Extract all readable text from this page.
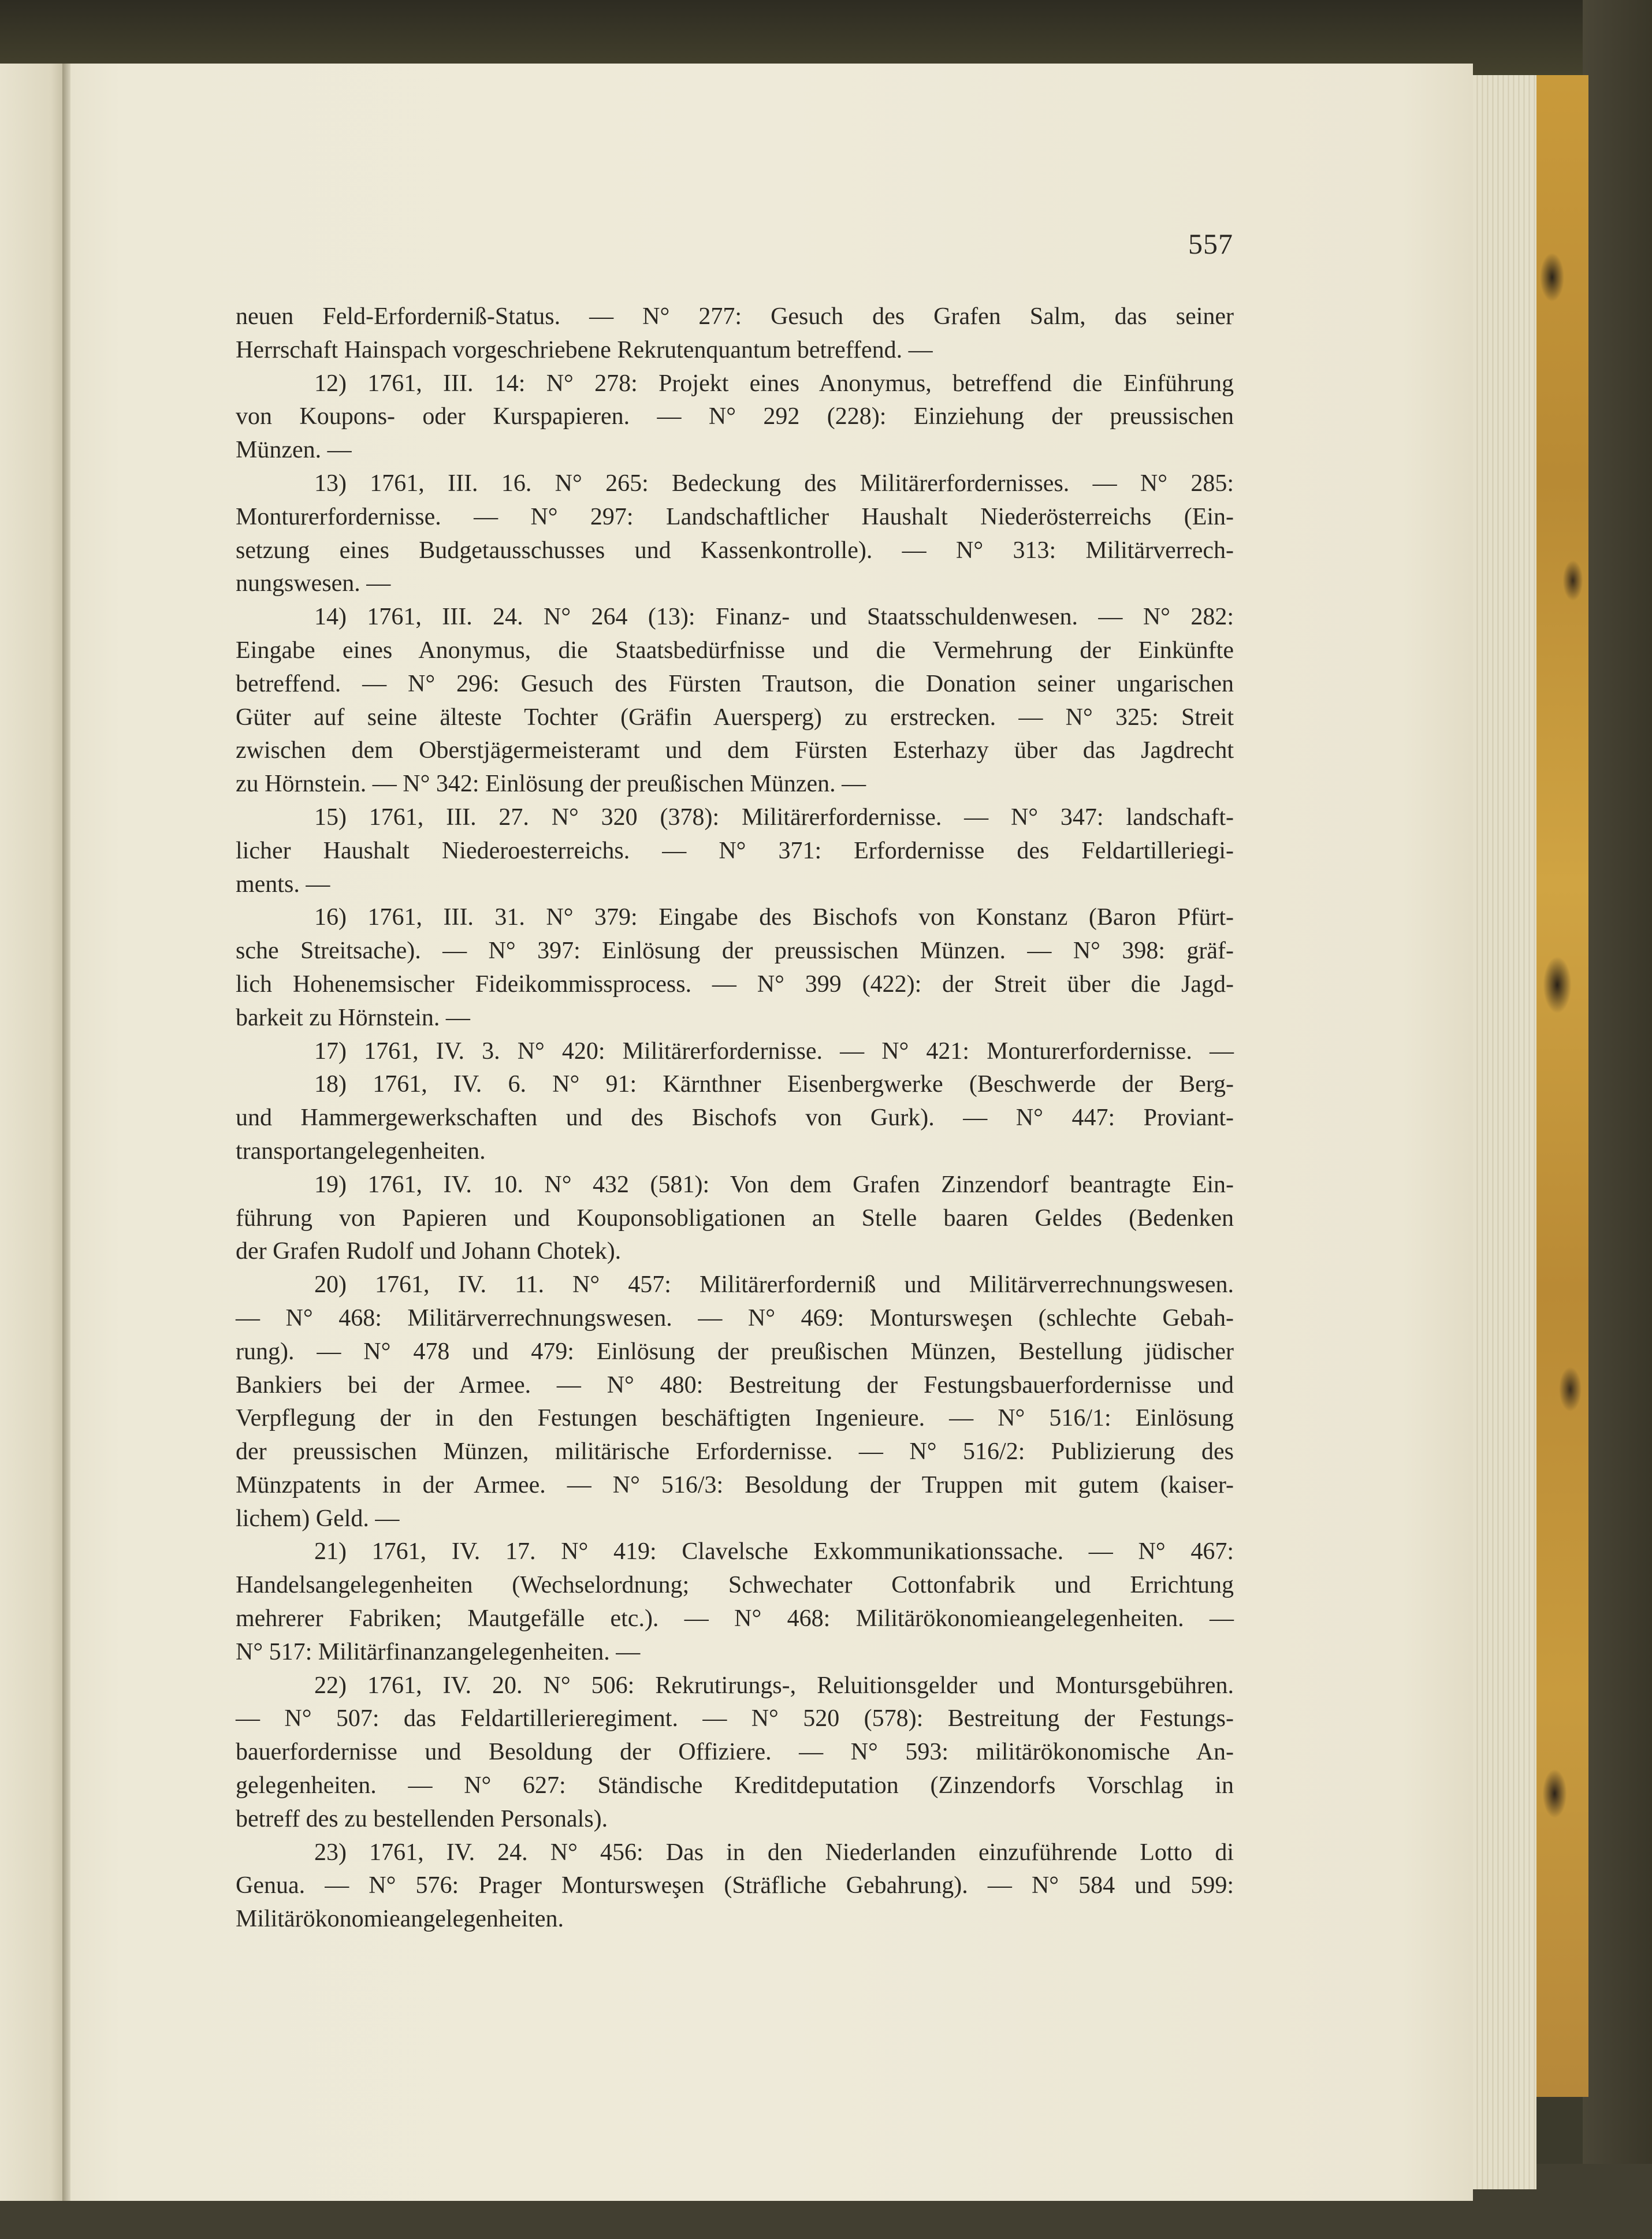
557
neuen Feld-Erforderniß-Status. — N° 277: Gesuch des Grafen Salm, das seiner
Herrschaft Hainspach vorgeschriebene Rekrutenquantum betreffend. —
12) 1761, III. 14: N° 278: Projekt eines Anonymus, betreffend die Einführung
von Koupons- oder Kurspapieren. — N° 292 (228): Einziehung der preussischen
Münzen. —
13) 1761, III. 16. N° 265: Bedeckung des Militärerfordernisses. — N° 285:
Monturerfordernisse. — N° 297: Landschaftlicher Haushalt Niederösterreichs (Ein-
setzung eines Budgetausschusses und Kassenkontrolle). — N° 313: Militärverrech-
nungswesen. —
14) 1761, III. 24. N° 264 (13): Finanz- und Staatsschuldenwesen. — N° 282:
Eingabe eines Anonymus, die Staatsbedürfnisse und die Vermehrung der Einkünfte
betreffend. — N° 296: Gesuch des Fürsten Trautson, die Donation seiner ungarischen
Güter auf seine älteste Tochter (Gräfin Auersperg) zu erstrecken. — N° 325: Streit
zwischen dem Oberstjägermeisteramt und dem Fürsten Esterhazy über das Jagdrecht
zu Hörnstein. — N° 342: Einlösung der preußischen Münzen. —
15) 1761, III. 27. N° 320 (378): Militärerfordernisse. — N° 347: landschaft-
licher Haushalt Niederoesterreichs. — N° 371: Erfordernisse des Feldartilleriegi-
ments. —
16) 1761, III. 31. N° 379: Eingabe des Bischofs von Konstanz (Baron Pfürt-
sche Streitsache). — N° 397: Einlösung der preussischen Münzen. — N° 398: gräf-
lich Hohenemsischer Fideikommissprocess. — N° 399 (422): der Streit über die Jagd-
barkeit zu Hörnstein. —
17) 1761, IV. 3. N° 420: Militärerfordernisse. — N° 421: Monturerfordernisse. —
18) 1761, IV. 6. N° 91: Kärnthner Eisenbergwerke (Beschwerde der Berg-
und Hammergewerkschaften und des Bischofs von Gurk). — N° 447: Proviant-
transportangelegenheiten.
19) 1761, IV. 10. N° 432 (581): Von dem Grafen Zinzendorf beantragte Ein-
führung von Papieren und Kouponsobligationen an Stelle baaren Geldes (Bedenken
der Grafen Rudolf und Johann Chotek).
20) 1761, IV. 11. N° 457: Militärerforderniß und Militärverrechnungswesen.
— N° 468: Militärverrechnungswesen. — N° 469: Montursweşen (schlechte Gebah-
rung). — N° 478 und 479: Einlösung der preußischen Münzen, Bestellung jüdischer
Bankiers bei der Armee. — N° 480: Bestreitung der Festungsbauerfordernisse und
Verpflegung der in den Festungen beschäftigten Ingenieure. — N° 516/1: Einlösung
der preussischen Münzen, militärische Erfordernisse. — N° 516/2: Publizierung des
Münzpatents in der Armee. — N° 516/3: Besoldung der Truppen mit gutem (kaiser-
lichem) Geld. —
21) 1761, IV. 17. N° 419: Clavelsche Exkommunikationssache. — N° 467:
Handelsangelegenheiten (Wechselordnung; Schwechater Cottonfabrik und Errichtung
mehrerer Fabriken; Mautgefälle etc.). — N° 468: Militärökonomieangelegenheiten. —
N° 517: Militärfinanzangelegenheiten. —
22) 1761, IV. 20. N° 506: Rekrutirungs-, Reluitionsgelder und Montursgebühren.
— N° 507: das Feldartillerieregiment. — N° 520 (578): Bestreitung der Festungs-
bauerfordernisse und Besoldung der Offiziere. — N° 593: militärökonomische An-
gelegenheiten. — N° 627: Ständische Kreditdeputation (Zinzendorfs Vorschlag in
betreff des zu bestellenden Personals).
23) 1761, IV. 24. N° 456: Das in den Niederlanden einzuführende Lotto di
Genua. — N° 576: Prager Montursweşen (Sträfliche Gebahrung). — N° 584 und 599:
Militärökonomieangelegenheiten.
